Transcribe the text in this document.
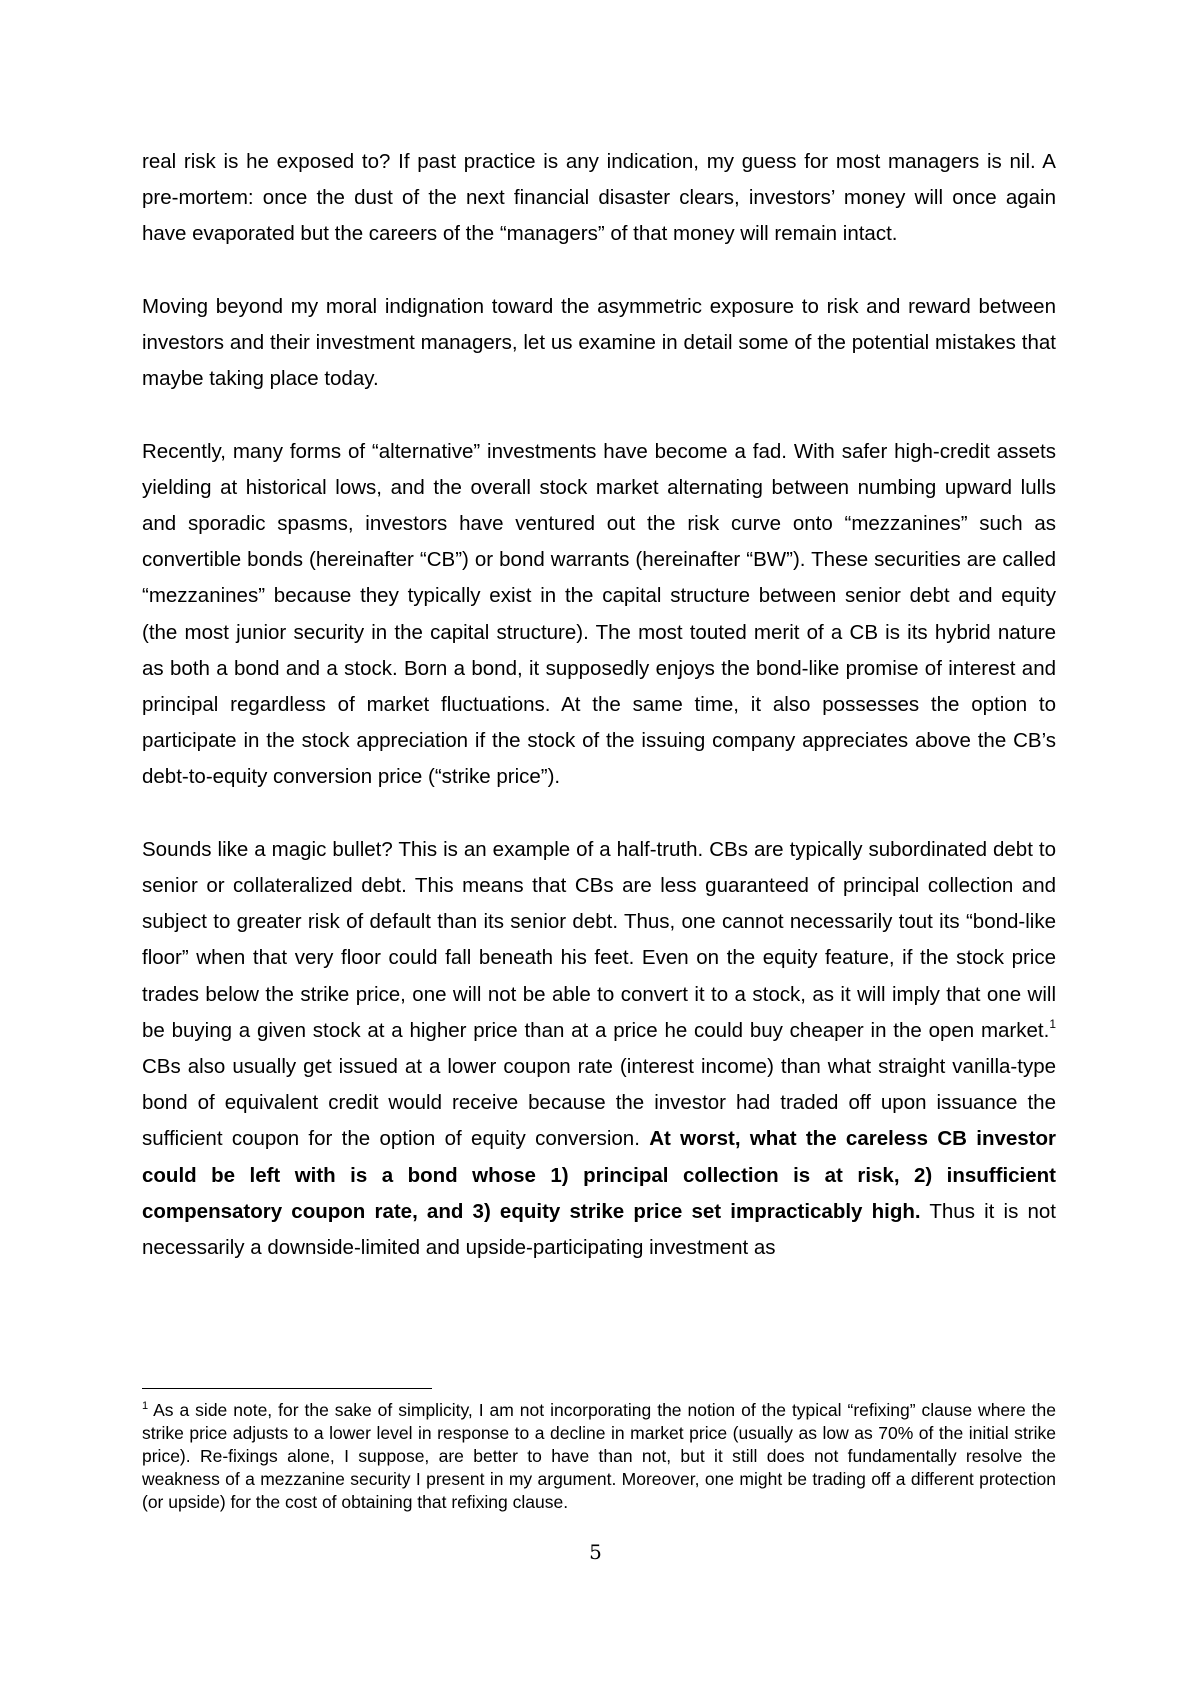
real risk is he exposed to? If past practice is any indication, my guess for most managers is nil. A pre-mortem: once the dust of the next financial disaster clears, investors’ money will once again have evaporated but the careers of the “managers” of that money will remain intact.

Moving beyond my moral indignation toward the asymmetric exposure to risk and reward between investors and their investment managers, let us examine in detail some of the potential mistakes that maybe taking place today.

Recently, many forms of “alternative” investments have become a fad. With safer high-credit assets yielding at historical lows, and the overall stock market alternating between numbing upward lulls and sporadic spasms, investors have ventured out the risk curve onto “mezzanines” such as convertible bonds (hereinafter “CB”) or bond warrants (hereinafter “BW”). These securities are called “mezzanines” because they typically exist in the capital structure between senior debt and equity (the most junior security in the capital structure). The most touted merit of a CB is its hybrid nature as both a bond and a stock. Born a bond, it supposedly enjoys the bond-like promise of interest and principal regardless of market fluctuations. At the same time, it also possesses the option to participate in the stock appreciation if the stock of the issuing company appreciates above the CB’s debt-to-equity conversion price (“strike price”).

Sounds like a magic bullet? This is an example of a half-truth. CBs are typically subordinated debt to senior or collateralized debt. This means that CBs are less guaranteed of principal collection and subject to greater risk of default than its senior debt. Thus, one cannot necessarily tout its “bond-like floor” when that very floor could fall beneath his feet. Even on the equity feature, if the stock price trades below the strike price, one will not be able to convert it to a stock, as it will imply that one will be buying a given stock at a higher price than at a price he could buy cheaper in the open market.$^1$ CBs also usually get issued at a lower coupon rate (interest income) than what straight vanilla-type bond of equivalent credit would receive because the investor had traded off upon issuance the sufficient coupon for the option of equity conversion. At worst, what the careless CB investor could be left with is a bond whose 1) principal collection is at risk, 2) insufficient compensatory coupon rate, and 3) equity strike price set impracticably high. Thus it is not necessarily a downside-limited and upside-participating investment as

$^1$ As a side note, for the sake of simplicity, I am not incorporating the notion of the typical “refixing” clause where the strike price adjusts to a lower level in response to a decline in market price (usually as low as 70% of the initial strike price). Re-fixings alone, I suppose, are better to have than not, but it still does not fundamentally resolve the weakness of a mezzanine security I present in my argument. Moreover, one might be trading off a different protection (or upside) for the cost of obtaining that refixing clause.
5
